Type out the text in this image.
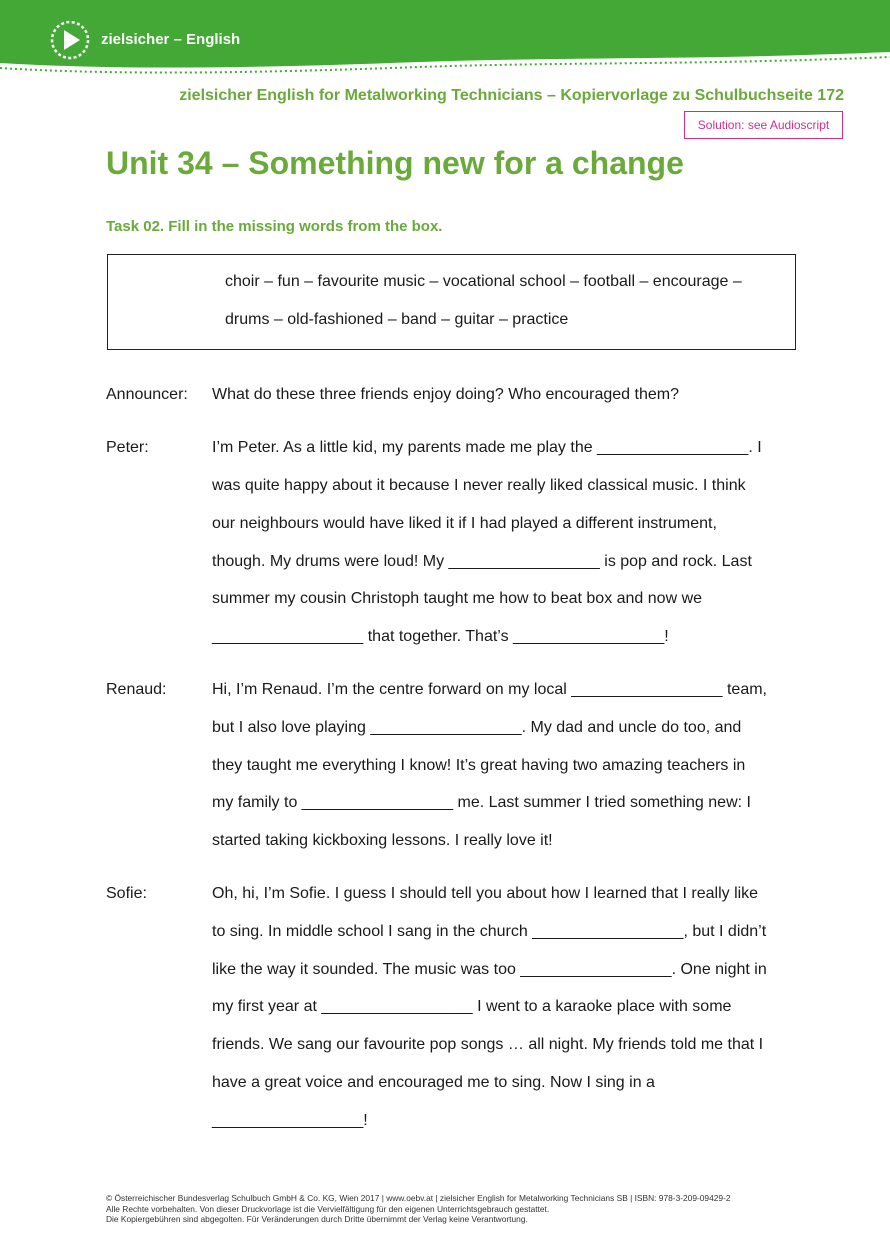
zielsicher – English
zielsicher English for Metalworking Technicians – Kopiervorlage zu Schulbuchseite 172
Solution: see Audioscript
Unit 34 – Something new for a change
Task 02. Fill in the missing words from the box.
choir – fun – favourite music – vocational school – football – encourage –
drums – old-fashioned – band – guitar – practice
Announcer: What do these three friends enjoy doing? Who encouraged them?
Peter:	I’m Peter. As a little kid, my parents made me play the _________________. I
was quite happy about it because I never really liked classical music. I think
our neighbours would have liked it if I had played a different instrument,
though. My drums were loud! My _________________ is pop and rock. Last
summer my cousin Christoph taught me how to beat box and now we
_________________ that together. That’s _________________!
Renaud:	Hi, I’m Renaud. I’m the centre forward on my local _________________ team,
but I also love playing _________________. My dad and uncle do too, and
they taught me everything I know! It’s great having two amazing teachers in
my family to _________________ me. Last summer I tried something new: I
started taking kickboxing lessons. I really love it!
Sofie:	Oh, hi, I’m Sofie. I guess I should tell you about how I learned that I really like
to sing. In middle school I sang in the church _________________, but I didn’t
like the way it sounded. The music was too _________________. One night in
my first year at _________________ I went to a karaoke place with some
friends. We sang our favourite pop songs … all night. My friends told me that I
have a great voice and encouraged me to sing. Now I sing in a
_________________!
© Österreichischer Bundesverlag Schulbuch GmbH & Co. KG, Wien 2017 | www.oebv.at | zielsicher English for Metalworking Technicians SB | ISBN: 978-3-209-09429-2
Alle Rechte vorbehalten. Von dieser Druckvorlage ist die Vervielfältigung für den eigenen Unterrichtsgebrauch gestattet.
Die Kopiergebühren sind abgegolten. Für Veränderungen durch Dritte übernimmt der Verlag keine Verantwortung.
